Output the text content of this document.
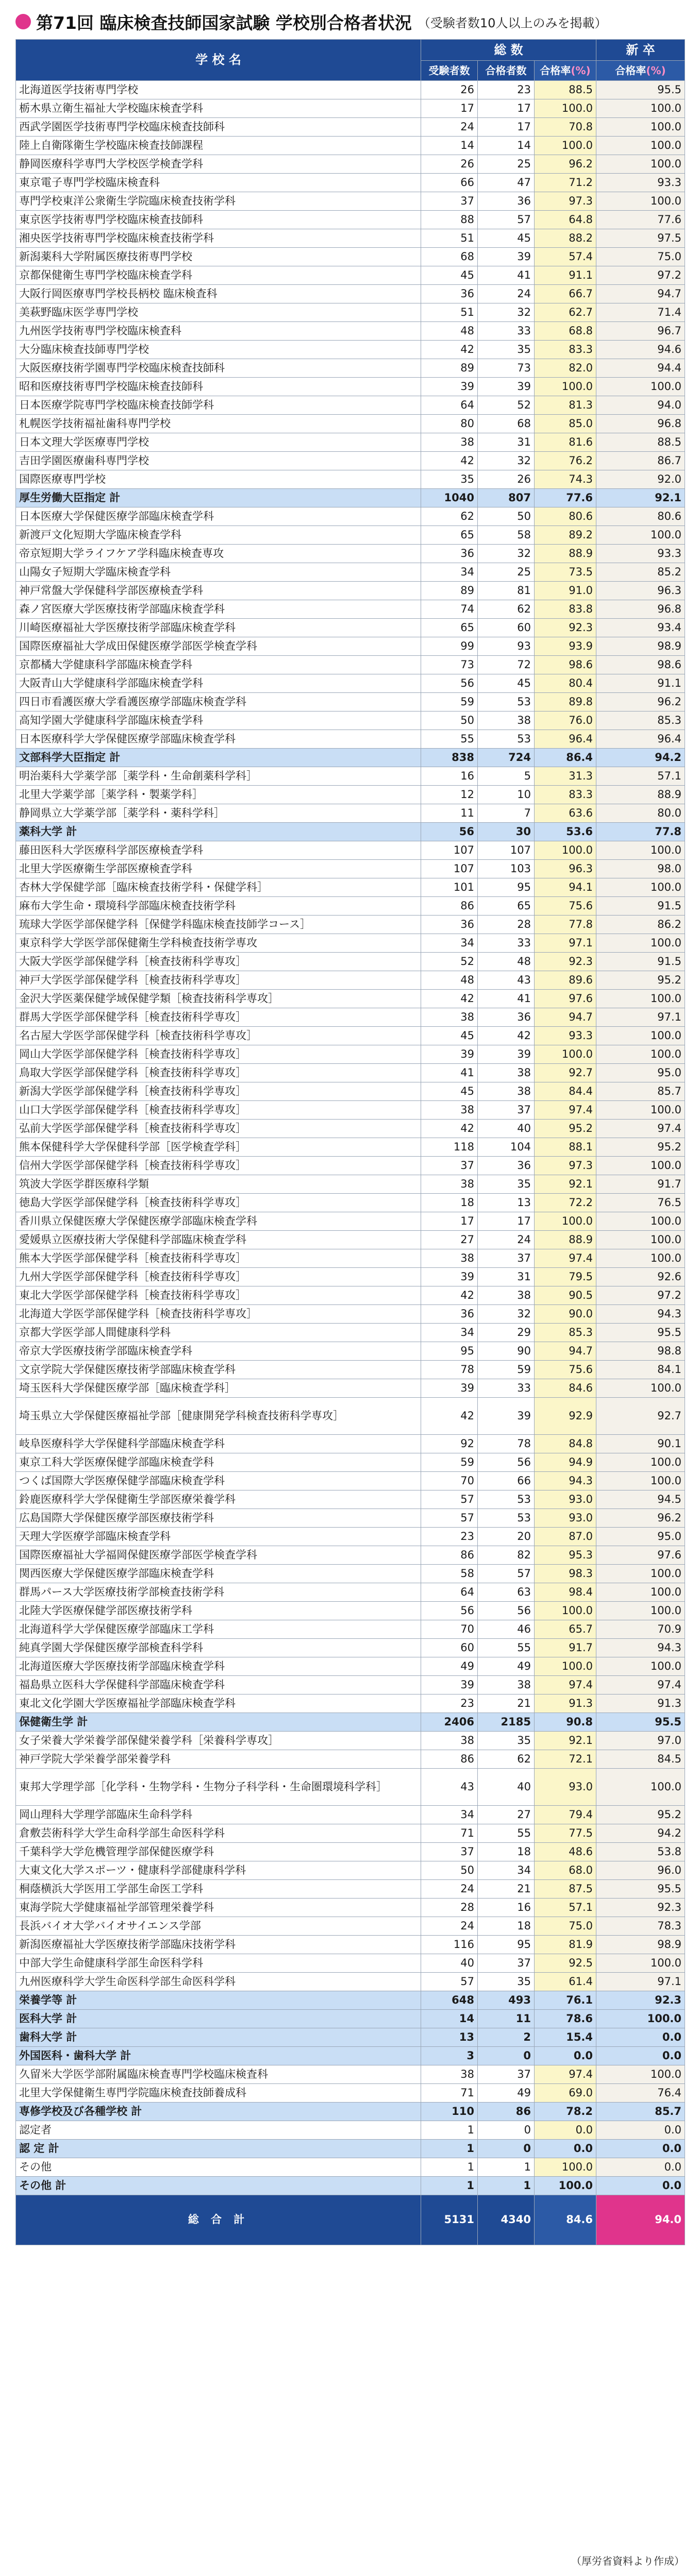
第71回 臨床検査技師国家試験 学校別合格者状況 （受験者数10人以上のみを掲載）
学 校 名	総 数			新 卒
	受験者数	合格者数	合格率(%)	合格率(%)
北海道医学技術専門学校	26	23	88.5	95.5
栃木県立衛生福祉大学校臨床検査学科	17	17	100.0	100.0
西武学園医学技術専門学校臨床検査技師科	24	17	70.8	100.0
陸上自衛隊衛生学校臨床検査技師課程	14	14	100.0	100.0
静岡医療科学専門大学校医学検査学科	26	25	96.2	100.0
東京電子専門学校臨床検査科	66	47	71.2	93.3
専門学校東洋公衆衛生学院臨床検査技術学科	37	36	97.3	100.0
東京医学技術専門学校臨床検査技師科	88	57	64.8	77.6
湘央医学技術専門学校臨床検査技術学科	51	45	88.2	97.5
新潟薬科大学附属医療技術専門学校	68	39	57.4	75.0
京都保健衛生専門学校臨床検査学科	45	41	91.1	97.2
大阪行岡医療専門学校長柄校 臨床検査科	36	24	66.7	94.7
美萩野臨床医学専門学校	51	32	62.7	71.4
九州医学技術専門学校臨床検査科	48	33	68.8	96.7
大分臨床検査技師専門学校	42	35	83.3	94.6
大阪医療技術学園専門学校臨床検査技師科	89	73	82.0	94.4
昭和医療技術専門学校臨床検査技師科	39	39	100.0	100.0
日本医療学院専門学校臨床検査技師学科	64	52	81.3	94.0
札幌医学技術福祉歯科専門学校	80	68	85.0	96.8
日本文理大学医療専門学校	38	31	81.6	88.5
吉田学園医療歯科専門学校	42	32	76.2	86.7
国際医療専門学校	35	26	74.3	92.0
厚生労働大臣指定 計	1040	807	77.6	92.1
日本医療大学保健医療学部臨床検査学科	62	50	80.6	80.6
新渡戸文化短期大学臨床検査学科	65	58	89.2	100.0
帝京短期大学ライフケア学科臨床検査専攻	36	32	88.9	93.3
山陽女子短期大学臨床検査学科	34	25	73.5	85.2
神戸常盤大学保健科学部医療検査学科	89	81	91.0	96.3
森ノ宮医療大学医療技術学部臨床検査学科	74	62	83.8	96.8
川崎医療福祉大学医療技術学部臨床検査学科	65	60	92.3	93.4
国際医療福祉大学成田保健医療学部医学検査学科	99	93	93.9	98.9
京都橘大学健康科学部臨床検査学科	73	72	98.6	98.6
大阪青山大学健康科学部臨床検査学科	56	45	80.4	91.1
四日市看護医療大学看護医療学部臨床検査学科	59	53	89.8	96.2
高知学園大学健康科学部臨床検査学科	50	38	76.0	85.3
日本医療科学大学保健医療学部臨床検査学科	55	53	96.4	96.4
文部科学大臣指定 計	838	724	86.4	94.2
明治薬科大学薬学部［薬学科・生命創薬科学科］	16	5	31.3	57.1
北里大学薬学部［薬学科・製薬学科］	12	10	83.3	88.9
静岡県立大学薬学部［薬学科・薬科学科］	11	7	63.6	80.0
薬科大学 計	56	30	53.6	77.8
藤田医科大学医療科学部医療検査学科	107	107	100.0	100.0
北里大学医療衛生学部医療検査学科	107	103	96.3	98.0
杏林大学保健学部［臨床検査技術学科・保健学科］	101	95	94.1	100.0
麻布大学生命・環境科学部臨床検査技術学科	86	65	75.6	91.5
琉球大学医学部保健学科［保健学科臨床検査技師学コース］	36	28	77.8	86.2
東京科学大学医学部保健衛生学科検査技術学専攻	34	33	97.1	100.0
大阪大学医学部保健学科［検査技術科学専攻］	52	48	92.3	91.5
神戸大学医学部保健学科［検査技術科学専攻］	48	43	89.6	95.2
金沢大学医薬保健学域保健学類［検査技術科学専攻］	42	41	97.6	100.0
群馬大学医学部保健学科［検査技術科学専攻］	38	36	94.7	97.1
名古屋大学医学部保健学科［検査技術科学専攻］	45	42	93.3	100.0
岡山大学医学部保健学科［検査技術科学専攻］	39	39	100.0	100.0
鳥取大学医学部保健学科［検査技術科学専攻］	41	38	92.7	95.0
新潟大学医学部保健学科［検査技術科学専攻］	45	38	84.4	85.7
山口大学医学部保健学科［検査技術科学専攻］	38	37	97.4	100.0
弘前大学医学部保健学科［検査技術科学専攻］	42	40	95.2	97.4
熊本保健科学大学保健科学部［医学検査学科］	118	104	88.1	95.2
信州大学医学部保健学科［検査技術科学専攻］	37	36	97.3	100.0
筑波大学医学群医療科学類	38	35	92.1	91.7
徳島大学医学部保健学科［検査技術科学専攻］	18	13	72.2	76.5
香川県立保健医療大学保健医療学部臨床検査学科	17	17	100.0	100.0
愛媛県立医療技術大学保健科学部臨床検査学科	27	24	88.9	100.0
熊本大学医学部保健学科［検査技術科学専攻］	38	37	97.4	100.0
九州大学医学部保健学科［検査技術科学専攻］	39	31	79.5	92.6
東北大学医学部保健学科［検査技術科学専攻］	42	38	90.5	97.2
北海道大学医学部保健学科［検査技術科学専攻］	36	32	90.0	94.3
京都大学医学部人間健康科学科	34	29	85.3	95.5
帝京大学医療技術学部臨床検査学科	95	90	94.7	98.8
文京学院大学保健医療技術学部臨床検査学科	78	59	75.6	84.1
埼玉医科大学保健医療学部［臨床検査学科］	39	33	84.6	100.0
埼玉県立大学保健医療福祉学部［健康開発学科検査技術科学専攻］	42	39	92.9	92.7
岐阜医療科学大学保健科学部臨床検査学科	92	78	84.8	90.1
東京工科大学医療保健学部臨床検査学科	59	56	94.9	100.0
つくば国際大学医療保健学部臨床検査学科	70	66	94.3	100.0
鈴鹿医療科学大学保健衛生学部医療栄養学科	57	53	93.0	94.5
広島国際大学保健医療学部医療技術学科	57	53	93.0	96.2
天理大学医療学部臨床検査学科	23	20	87.0	95.0
国際医療福祉大学福岡保健医療学部医学検査学科	86	82	95.3	97.6
関西医療大学保健医療学部臨床検査学科	58	57	98.3	100.0
群馬パース大学医療技術学部検査技術学科	64	63	98.4	100.0
北陸大学医療保健学部医療技術学科	56	56	100.0	100.0
北海道科学大学保健医療学部臨床工学科	70	46	65.7	70.9
純真学園大学保健医療学部検査科学科	60	55	91.7	94.3
北海道医療大学医療技術学部臨床検査学科	49	49	100.0	100.0
福島県立医科大学保健科学部臨床検査学科	39	38	97.4	97.4
東北文化学園大学医療福祉学部臨床検査学科	23	21	91.3	91.3
保健衛生学 計	2406	2185	90.8	95.5
女子栄養大学栄養学部保健栄養学科［栄養科学専攻］	38	35	92.1	97.0
神戸学院大学栄養学部栄養学科	86	62	72.1	84.5
東邦大学理学部［化学科・生物学科・生物分子科学科・生命圏環境科学科］	43	40	93.0	100.0
岡山理科大学理学部臨床生命科学科	34	27	79.4	95.2
倉敷芸術科学大学生命科学部生命医科学科	71	55	77.5	94.2
千葉科学大学危機管理学部保健医療学科	37	18	48.6	53.8
大東文化大学スポーツ・健康科学部健康科学科	50	34	68.0	96.0
桐蔭横浜大学医用工学部生命医工学科	24	21	87.5	95.5
東海学院大学健康福祉学部管理栄養学科	28	16	57.1	92.3
長浜バイオ大学バイオサイエンス学部	24	18	75.0	78.3
新潟医療福祉大学医療技術学部臨床技術学科	116	95	81.9	98.9
中部大学生命健康科学部生命医科学科	40	37	92.5	100.0
九州医療科学大学生命医科学部生命医科学科	57	35	61.4	97.1
栄養学等 計	648	493	76.1	92.3
医科大学 計	14	11	78.6	100.0
歯科大学 計	13	2	15.4	0.0
外国医科・歯科大学 計	3	0	0.0	0.0
久留米大学医学部附属臨床検査専門学校臨床検査科	38	37	97.4	100.0
北里大学保健衛生専門学院臨床検査技師養成科	71	49	69.0	76.4
専修学校及び各種学校 計	110	86	78.2	85.7
認定者	1	0	0.0	0.0
認 定 計	1	0	0.0	0.0
その他	1	1	100.0	0.0
その他 計	1	1	100.0	0.0
総 合 計	5131	4340	84.6	94.0
（厚労省資料より作成）
